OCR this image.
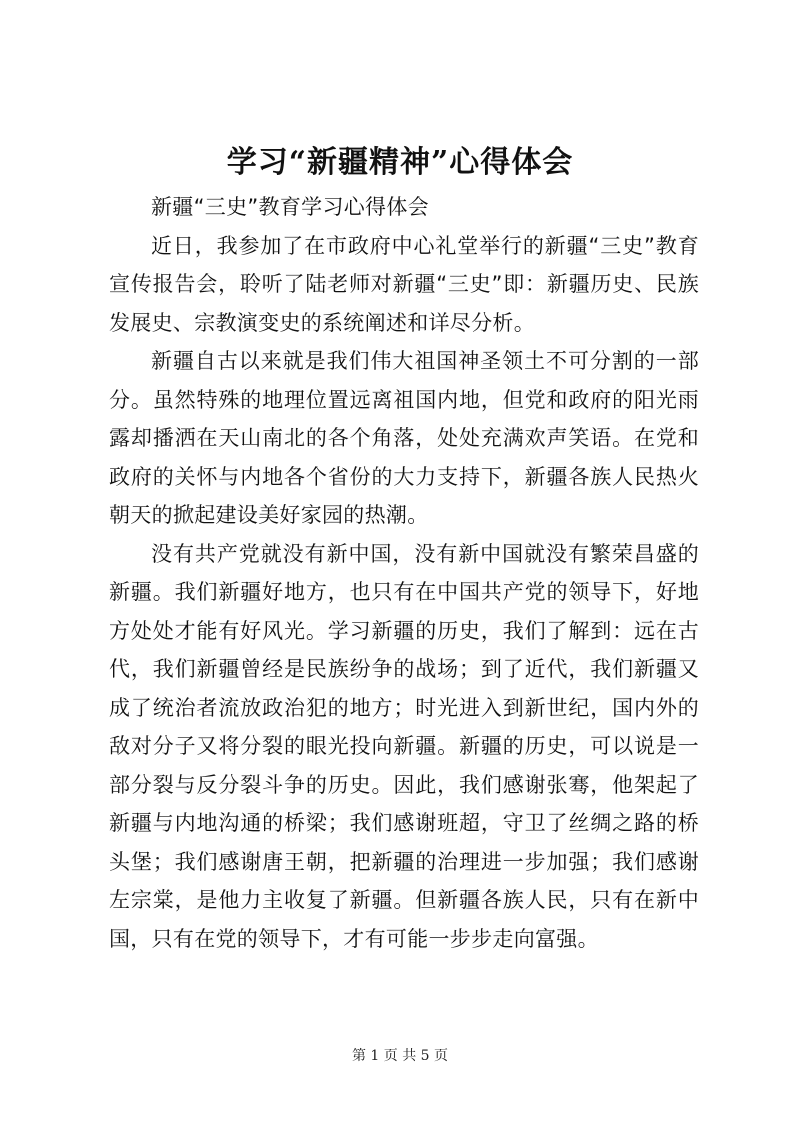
学习“新疆精神”心得体会

新疆“三史”教育学习心得体会

近日，我参加了在市政府中心礼堂举行的新疆“三史”教育宣传报告会，聆听了陆老师对新疆“三史”即：新疆历史、民族发展史、宗教演变史的系统阐述和详尽分析。

新疆自古以来就是我们伟大祖国神圣领土不可分割的一部分。虽然特殊的地理位置远离祖国内地，但党和政府的阳光雨露却播洒在天山南北的各个角落，处处充满欢声笑语。在党和政府的关怀与内地各个省份的大力支持下，新疆各族人民热火朝天的掀起建设美好家园的热潮。

没有共产党就没有新中国，没有新中国就没有繁荣昌盛的新疆。我们新疆好地方，也只有在中国共产党的领导下，好地方处处才能有好风光。学习新疆的历史，我们了解到：远在古代，我们新疆曾经是民族纷争的战场；到了近代，我们新疆又成了统治者流放政治犯的地方；时光进入到新世纪，国内外的敌对分子又将分裂的眼光投向新疆。新疆的历史，可以说是一部分裂与反分裂斗争的历史。因此，我们感谢张骞，他架起了新疆与内地沟通的桥梁；我们感谢班超，守卫了丝绸之路的桥头堡；我们感谢唐王朝，把新疆的治理进一步加强；我们感谢左宗棠，是他力主收复了新疆。但新疆各族人民，只有在新中国，只有在党的领导下，才有可能一步步走向富强。

第 1 页 共 5 页
